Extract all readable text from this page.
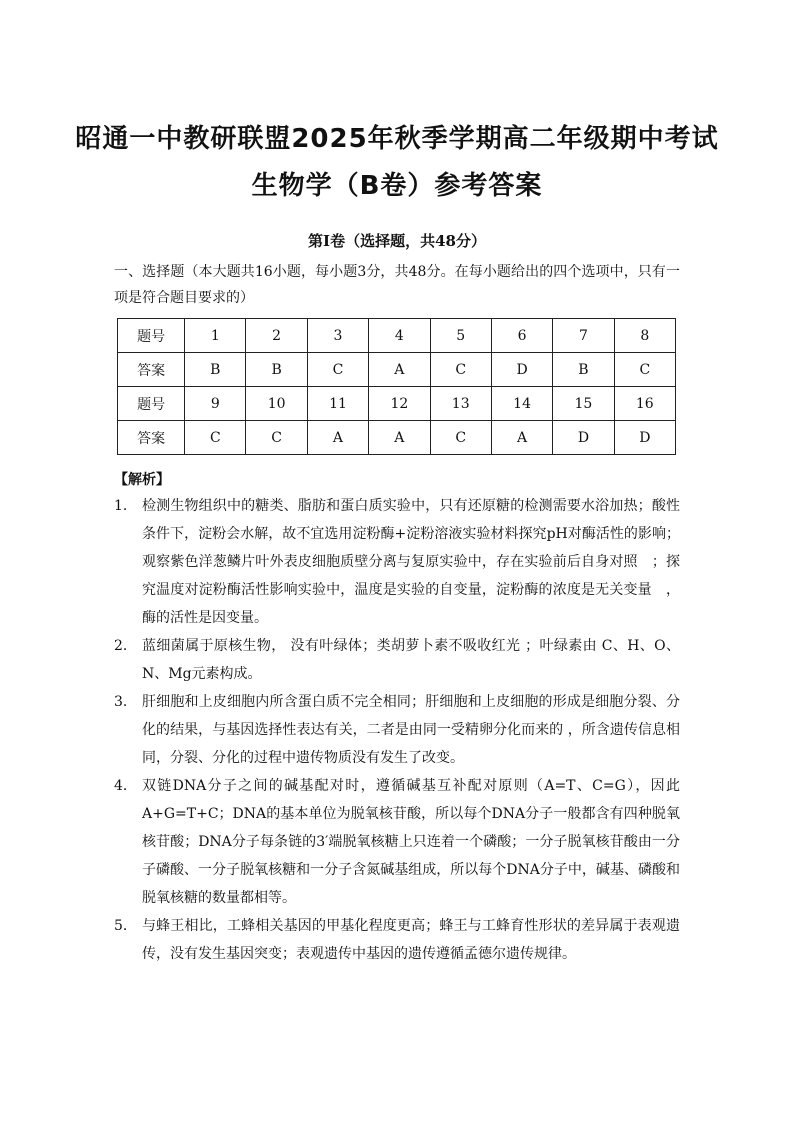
昭通一中教研联盟2025年秋季学期高二年级期中考试
生物学（B卷）参考答案
第Ⅰ卷（选择题，共48分）
一、选择题（本大题共16小题，每小题3分，共48分。在每小题给出的四个选项中，只有一项是符合题目要求的）
题号	1	2	3	4	5	6	7	8
答案	B	B	C	A	C	D	B	C
题号	9	10	11	12	13	14	15	16
答案	C	C	A	A	C	A	D	D
【解析】
1． 检测生物组织中的糖类、脂肪和蛋白质实验中，只有还原糖的检测需要水浴加热；酸性条件下，淀粉会水解，故不宜选用淀粉酶+淀粉溶液实验材料探究pH对酶活性的影响；观察紫色洋葱鳞片叶外表皮细胞质壁分离与复原实验中，存在实验前后自身对照　；探究温度对淀粉酶活性影响实验中，温度是实验的自变量，淀粉酶的浓度是无关变量　，酶的活性是因变量。
2． 蓝细菌属于原核生物， 没有叶绿体；类胡萝卜素不吸收红光 ；叶绿素由 C、H、O、N、Mg元素构成。
3． 肝细胞和上皮细胞内所含蛋白质不完全相同；肝细胞和上皮细胞的形成是细胞分裂、分化的结果，与基因选择性表达有关，二者是由同一受精卵分化而来的 ，所含遗传信息相同，分裂、分化的过程中遗传物质没有发生了改变。
4． 双链DNA分子之间的碱基配对时，遵循碱基互补配对原则（A=T、C=G），因此A+G=T+C；DNA的基本单位为脱氧核苷酸，所以每个DNA分子一般都含有四种脱氧核苷酸；DNA分子每条链的3′端脱氧核糖上只连着一个磷酸；一分子脱氧核苷酸由一分子磷酸、一分子脱氧核糖和一分子含氮碱基组成，所以每个DNA分子中，碱基、磷酸和脱氧核糖的数量都相等。
5． 与蜂王相比，工蜂相关基因的甲基化程度更高；蜂王与工蜂育性形状的差异属于表观遗传，没有发生基因突变；表观遗传中基因的遗传遵循孟德尔遗传规律。
